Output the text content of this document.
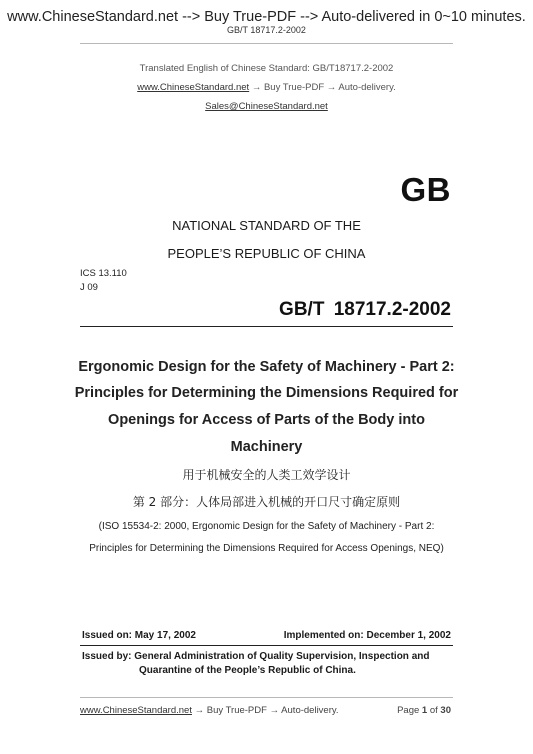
www.ChineseStandard.net --> Buy True-PDF --> Auto-delivered in 0~10 minutes.
GB/T 18717.2-2002
Translated English of Chinese Standard: GB/T18717.2-2002
www.ChineseStandard.net → Buy True-PDF → Auto-delivery.
Sales@ChineseStandard.net
GB
NATIONAL STANDARD OF THE
PEOPLE’S REPUBLIC OF CHINA
ICS 13.110
J 09
GB/T 18717.2-2002
Ergonomic Design for the Safety of Machinery - Part 2:
Principles for Determining the Dimensions Required for
Openings for Access of Parts of the Body into
Machinery
用于机械安全的人类工效学设计
第 2 部分：人体局部进入机械的开口尺寸确定原则
(ISO 15534-2: 2000, Ergonomic Design for the Safety of Machinery - Part 2:
Principles for Determining the Dimensions Required for Access Openings, NEQ)
Issued on: May 17, 2002	Implemented on: December 1, 2002
Issued by: General Administration of Quality Supervision, Inspection and
Quarantine of the People’s Republic of China.
www.ChineseStandard.net → Buy True-PDF → Auto-delivery.	Page 1 of 30
